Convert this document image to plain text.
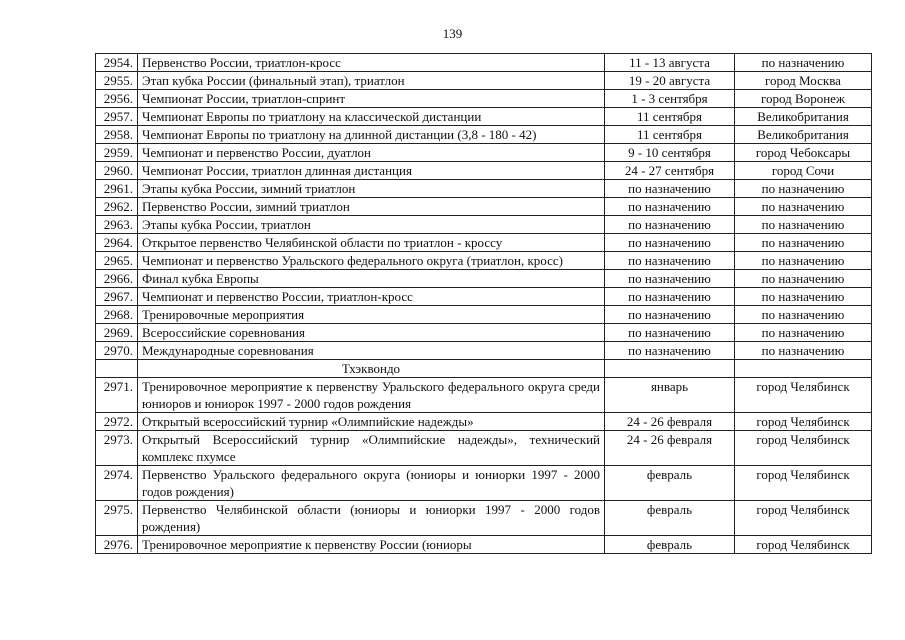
139
2954.	Первенство России, триатлон-кросс	11 - 13 августа	по назначению
2955.	Этап кубка России (финальный этап), триатлон	19 - 20 августа	город Москва
2956.	Чемпионат России, триатлон-спринт	1 - 3 сентября	город Воронеж
2957.	Чемпионат Европы по триатлону на классической дистанции	11 сентября	Великобритания
2958.	Чемпионат Европы по триатлону на длинной дистанции (3,8 - 180 - 42)	11 сентября	Великобритания
2959.	Чемпионат и первенство России, дуатлон	9 - 10 сентября	город Чебоксары
2960.	Чемпионат России, триатлон длинная дистанция	24 - 27 сентября	город Сочи
2961.	Этапы кубка России, зимний триатлон	по назначению	по назначению
2962.	Первенство России, зимний триатлон	по назначению	по назначению
2963.	Этапы кубка России, триатлон	по назначению	по назначению
2964.	Открытое первенство Челябинской области по триатлон - кроссу	по назначению	по назначению
2965.	Чемпионат и первенство Уральского федерального округа (триатлон, кросс)	по назначению	по назначению
2966.	Финал кубка Европы	по назначению	по назначению
2967.	Чемпионат и первенство России, триатлон-кросс	по назначению	по назначению
2968.	Тренировочные мероприятия	по назначению	по назначению
2969.	Всероссийские соревнования	по назначению	по назначению
2970.	Международные соревнования	по назначению	по назначению
	Тхэквондо		
2971.	Тренировочное мероприятие к первенству Уральского федерального округа среди юниоров и юниорок 1997 - 2000 годов рождения	январь	город Челябинск
2972.	Открытый всероссийский турнир «Олимпийские надежды»	24 - 26 февраля	город Челябинск
2973.	Открытый Всероссийский турнир «Олимпийские надежды», технический комплекс пхумсе	24 - 26 февраля	город Челябинск
2974.	Первенство Уральского федерального округа (юниоры и юниорки 1997 - 2000 годов рождения)	февраль	город Челябинск
2975.	Первенство Челябинской области (юниоры и юниорки 1997 - 2000 годов рождения)	февраль	город Челябинск
2976.	Тренировочное мероприятие к первенству России (юниоры	февраль	город Челябинск
